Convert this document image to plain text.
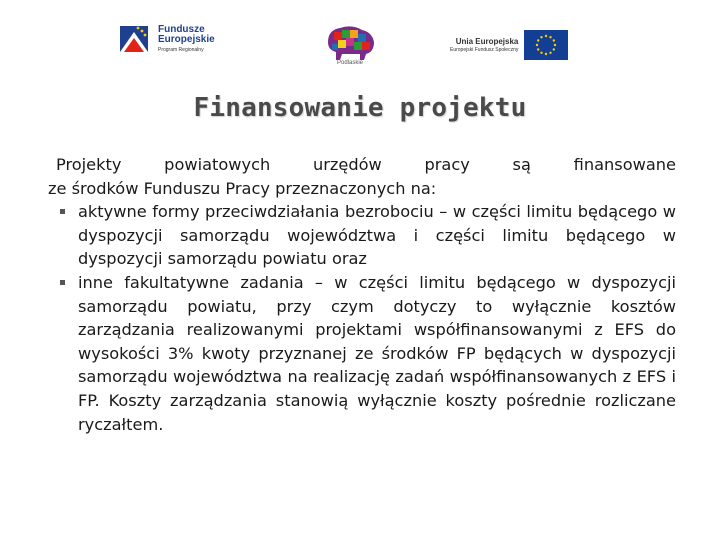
Fundusze
Europejskie
Program Regionalny
Podlaskie
Unia Europejska
Europejski Fundusz Społeczny
Finansowanie projektu
Projekty powiatowych urzędów pracy są finansowane
ze środków Funduszu Pracy przeznaczonych na:
aktywne formy przeciwdziałania bezrobociu – w części limitu będącego w dyspozycji samorządu województwa i części limitu będącego w dyspozycji samorządu powiatu oraz
inne fakultatywne zadania – w części limitu będącego w dyspozycji samorządu powiatu, przy czym dotyczy to wyłącznie kosztów zarządzania realizowanymi projektami współfinansowanymi z EFS do wysokości 3% kwoty przyznanej ze środków FP będących w dyspozycji samorządu województwa na realizację zadań współfinansowanych z EFS i FP. Koszty zarządzania stanowią wyłącznie koszty pośrednie rozliczane ryczałtem.
